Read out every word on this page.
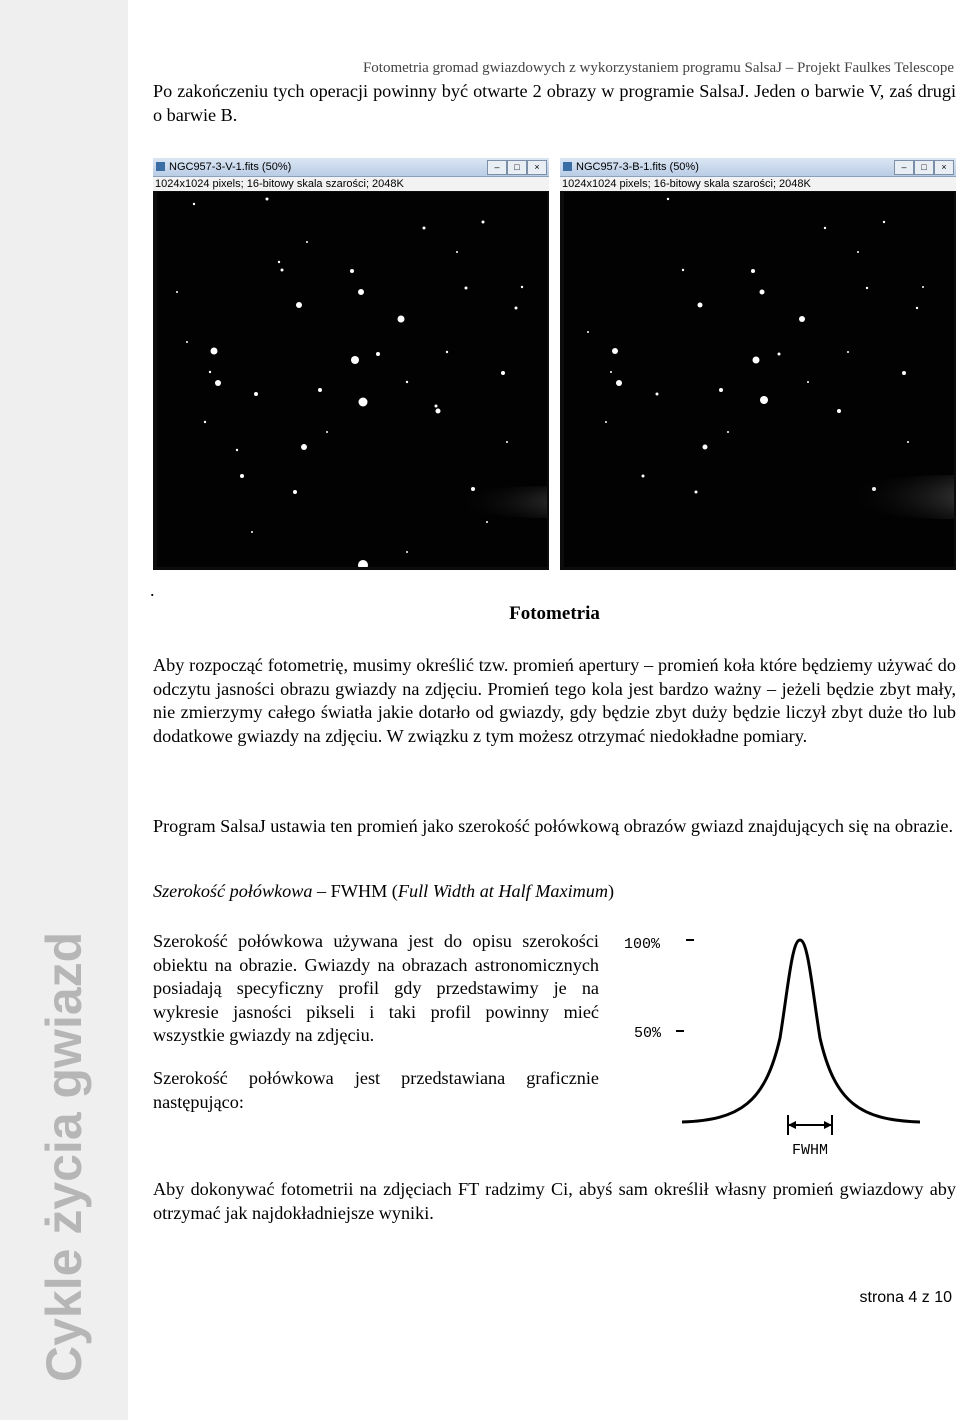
Cykle życia gwiazd
Fotometria gromad gwiazdowych z wykorzystaniem programu SalsaJ – Projekt Faulkes Telescope
Po zakończeniu tych operacji powinny być otwarte 2 obrazy w programie SalsaJ. Jeden o barwie V, zaś drugi o barwie B.
NGC957-3-V-1.fits (50%)	–	□	×
1024x1024 pixels; 16-bitowy skala szarości; 2048K
NGC957-3-B-1.fits (50%)	–	□	×
1024x1024 pixels; 16-bitowy skala szarości; 2048K
.
Fotometria
Aby rozpocząć fotometrię, musimy określić tzw. promień apertury – promień koła które będziemy używać do odczytu jasności obrazu gwiazdy na zdjęciu. Promień tego kola jest bardzo ważny – jeżeli będzie zbyt mały, nie zmierzymy całego światła jakie dotarło od gwiazdy, gdy będzie zbyt duży będzie liczył zbyt duże tło lub dodatkowe gwiazdy na zdjęciu. W związku z tym możesz otrzymać niedokładne pomiary.
Program SalsaJ ustawia ten promień jako szerokość połówkową obrazów gwiazd znajdujących się na obrazie.
Szerokość połówkowa – FWHM (Full Width at Half Maximum)
Szerokość połówkowa używana jest do opisu szerokości obiektu na obrazie. Gwiazdy na obrazach astronomicznych posiadają specyficzny profil gdy przedstawimy je na wykresie jasności pikseli i taki profil powinny mieć wszystkie gwiazdy na zdjęciu.
Szerokość połówkowa jest przedstawiana graficznie następująco:
100%
50%
FWHM
Aby dokonywać fotometrii na zdjęciach FT radzimy Ci, abyś sam określił własny promień gwiazdowy aby otrzymać jak najdokładniejsze wyniki.
strona 4 z 10
